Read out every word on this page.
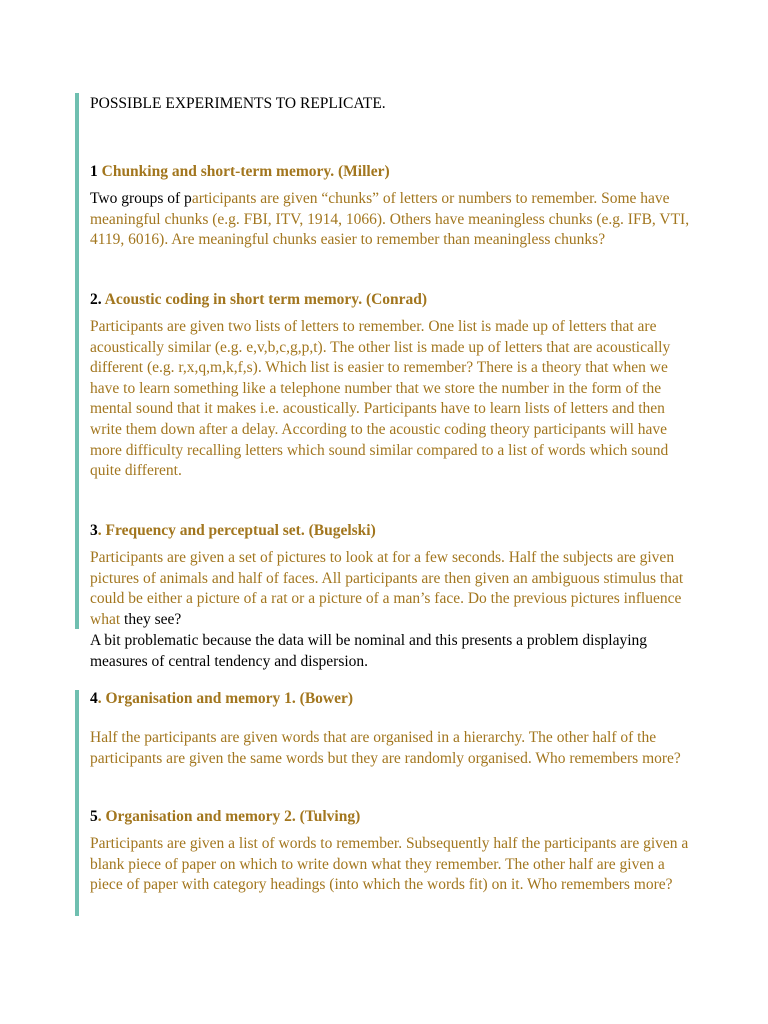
POSSIBLE EXPERIMENTS TO REPLICATE.
1 Chunking and short-term memory. (Miller)

Two groups of participants are given “chunks” of letters or numbers to remember. Some have meaningful chunks (e.g. FBI, ITV, 1914, 1066). Others have meaningless chunks (e.g. IFB, VTI, 4119, 6016). Are meaningful chunks easier to remember than meaningless chunks?

2. Acoustic coding in short term memory. (Conrad)

Participants are given two lists of letters to remember. One list is made up of letters that are acoustically similar (e.g. e,v,b,c,g,p,t). The other list is made up of letters that are acoustically different (e.g. r,x,q,m,k,f,s). Which list is easier to remember? There is a theory that when we have to learn something like a telephone number that we store the number in the form of the mental sound that it makes i.e. acoustically. Participants have to learn lists of letters and then write them down after a delay. According to the acoustic coding theory participants will have more difficulty recalling letters which sound similar compared to a list of words which sound quite different.

3. Frequency and perceptual set. (Bugelski)

Participants are given a set of pictures to look at for a few seconds. Half the subjects are given pictures of animals and half of faces. All participants are then given an ambiguous stimulus that could be either a picture of a rat or a picture of a man’s face. Do the previous pictures influence what they see?

A bit problematic because the data will be nominal and this presents a problem displaying measures of central tendency and dispersion.

4. Organisation and memory 1. (Bower)

Half the participants are given words that are organised in a hierarchy. The other half of the participants are given the same words but they are randomly organised. Who remembers more?

5. Organisation and memory 2. (Tulving)

Participants are given a list of words to remember. Subsequently half the participants are given a blank piece of paper on which to write down what they remember. The other half are given a piece of paper with category headings (into which the words fit) on it. Who remembers more?
